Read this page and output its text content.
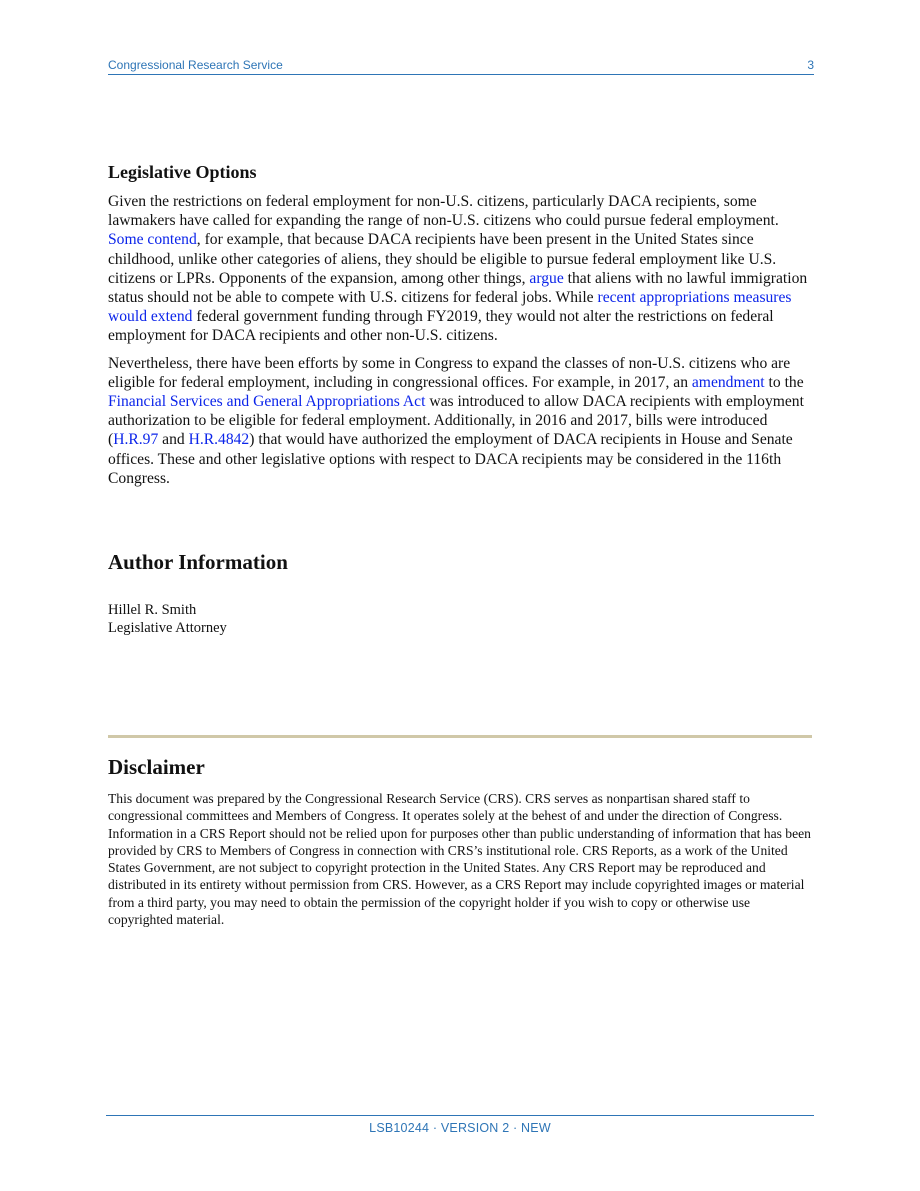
Congressional Research Service	3
Legislative Options

Given the restrictions on federal employment for non-U.S. citizens, particularly DACA recipients, some lawmakers have called for expanding the range of non-U.S. citizens who could pursue federal employment. Some contend, for example, that because DACA recipients have been present in the United States since childhood, unlike other categories of aliens, they should be eligible to pursue federal employment like U.S. citizens or LPRs. Opponents of the expansion, among other things, argue that aliens with no lawful immigration status should not be able to compete with U.S. citizens for federal jobs. While recent appropriations measures would extend federal government funding through FY2019, they would not alter the restrictions on federal employment for DACA recipients and other non-U.S. citizens.

Nevertheless, there have been efforts by some in Congress to expand the classes of non-U.S. citizens who are eligible for federal employment, including in congressional offices. For example, in 2017, an amendment to the Financial Services and General Appropriations Act was introduced to allow DACA recipients with employment authorization to be eligible for federal employment. Additionally, in 2016 and 2017, bills were introduced (H.R.97 and H.R.4842) that would have authorized the employment of DACA recipients in House and Senate offices. These and other legislative options with respect to DACA recipients may be considered in the 116th Congress.

Author Information
Hillel R. Smith
Legislative Attorney
Disclaimer

This document was prepared by the Congressional Research Service (CRS). CRS serves as nonpartisan shared staff to congressional committees and Members of Congress. It operates solely at the behest of and under the direction of Congress. Information in a CRS Report should not be relied upon for purposes other than public understanding of information that has been provided by CRS to Members of Congress in connection with CRS’s institutional role. CRS Reports, as a work of the United States Government, are not subject to copyright protection in the United States. Any CRS Report may be reproduced and distributed in its entirety without permission from CRS. However, as a CRS Report may include copyrighted images or material from a third party, you may need to obtain the permission of the copyright holder if you wish to copy or otherwise use copyrighted material.

LSB10244 · VERSION 2 · NEW
